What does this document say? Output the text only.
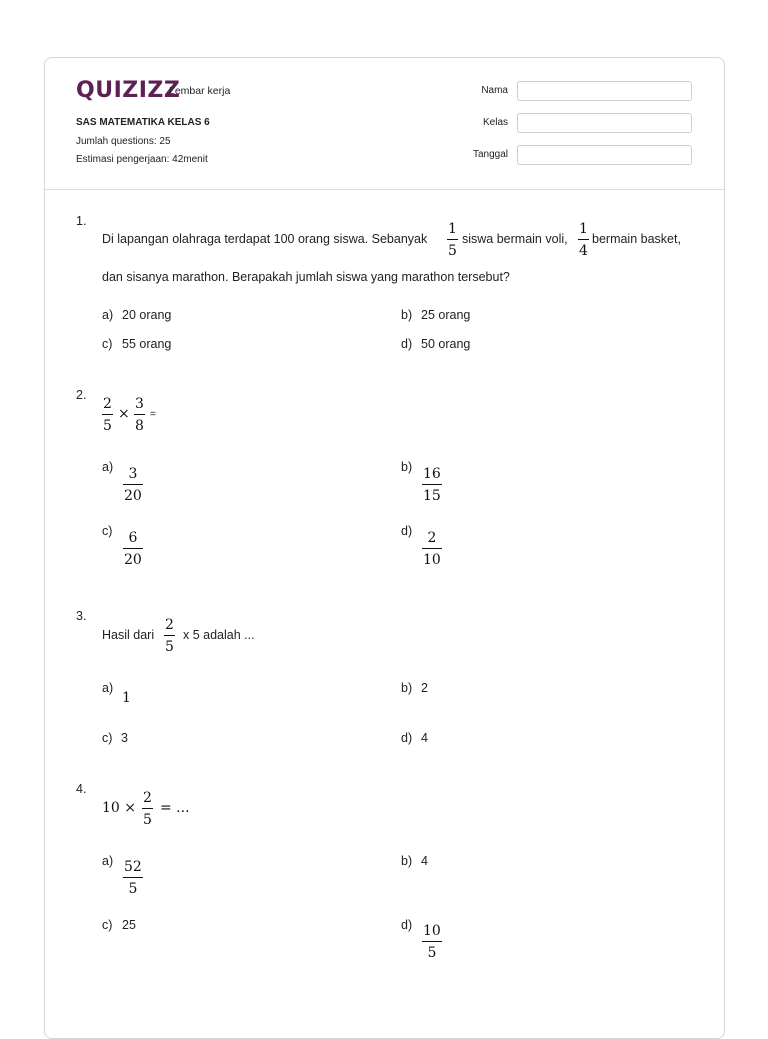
QUIZIZZ
Lembar kerja
SAS MATEMATIKA KELAS 6
Jumlah questions: 25
Estimasi pengerjaan: 42menit
Nama
Kelas
Tanggal
1.
Di lapangan olahraga terdapat 100 orang siswa. Sebanyak
1
5
siswa bermain voli,
1
4
bermain basket,
dan sisanya marathon. Berapakah jumlah siswa yang marathon tersebut?
a) 20 orang	b) 25 orang
c) 55 orang	d) 50 orang
2.
2
5
×
3
8
=
a) 3
20
b) 16
15
c) 6
20
d) 2
10
3.
Hasil dari
2
5
x 5 adalah ...
a)
1
b) 2
c) 3	d) 4
4.
10 ×
2
5
= ...
a) 52
5
b) 4
c) 25	d) 10
5
